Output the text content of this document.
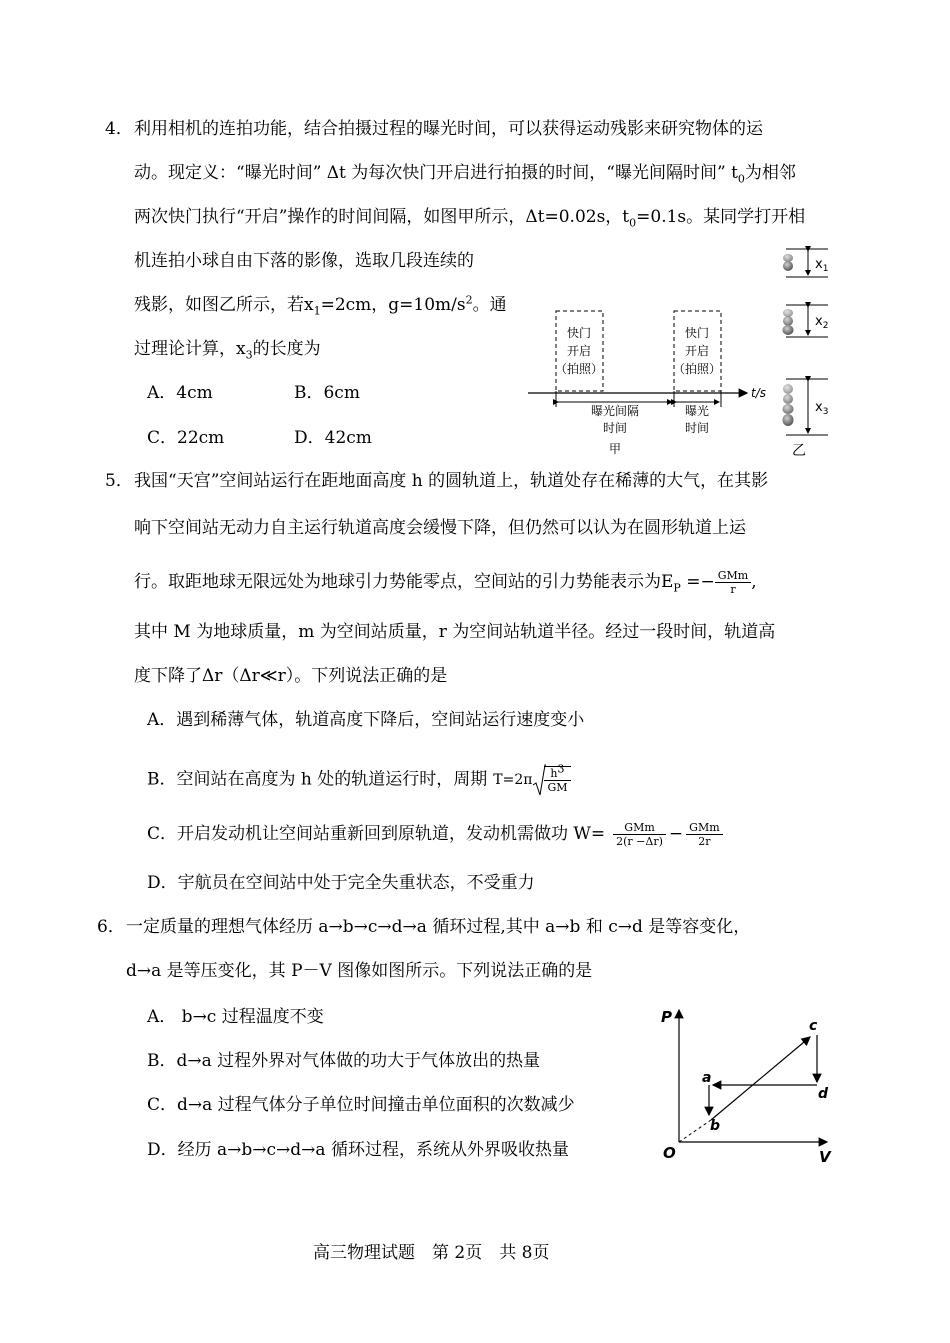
4． 利用相机的连拍功能，结合拍摄过程的曝光时间，可以获得运动残影来研究物体的运
动。现定义：“曝光时间” Δt 为每次快门开启进行拍摄的时间，“曝光间隔时间” $t_0$为相邻
两次快门执行“开启”操作的时间间隔，如图甲所示，Δt=0.02s，$t_0=0.1s$。某同学打开相
机连拍小球自由下落的影像，选取几段连续的
残影，如图乙所示，若$x_1=2cm$，$g=10m/s^2$。通
过理论计算，$x_3$的长度为
A．4cm	B．6cm
C．22cm	D．42cm
快门
开启
（拍照）
快门
开启
（拍照）
t/s
曝光间隔
时间
曝光
时间
甲
$x_1$
$x_2$
$x_3$
乙
5． 我国“天宫”空间站运行在距地面高度 h 的圆轨道上，轨道处存在稀薄的大气，在其影
响下空间站无动力自主运行轨道高度会缓慢下降，但仍然可以认为在圆形轨道上运
行。取距地球无限远处为地球引力势能零点，空间站的引力势能表示为$E_P =- \frac{\text{GMm}}{r}$ ,
其中 M 为地球质量，m 为空间站质量，r 为空间站轨道半径。经过一段时间，轨道高
度下降了Δr（Δr≪r）。下列说法正确的是
A．遇到稀薄气体，轨道高度下降后，空间站运行速度变小
B．空间站在高度为 h 处的轨道运行时，周期 $T=2\pi \frac{h^3}{GM}$
C．开启发动机让空间站重新回到原轨道，发动机需做功 $W= \frac{\text{GMm}}{2(r -\Delta r)} - \frac{\text{GMm}}{2r}$
D．宇航员在空间站中处于完全失重状态，不受重力
6． 一定质量的理想气体经历 a→b→c→d→a 循环过程,其中 a→b 和 c→d 是等容变化，
d→a 是等压变化，其 P－V 图像如图所示。下列说法正确的是
A． b→c 过程温度不变
B．d→a 过程外界对气体做的功大于气体放出的热量
C．d→a 过程气体分子单位时间撞击单位面积的次数减少
D．经历 a→b→c→d→a 循环过程，系统从外界吸收热量
P
V
O
a
b
c
d
高三物理试题　第 2页　共 8页
